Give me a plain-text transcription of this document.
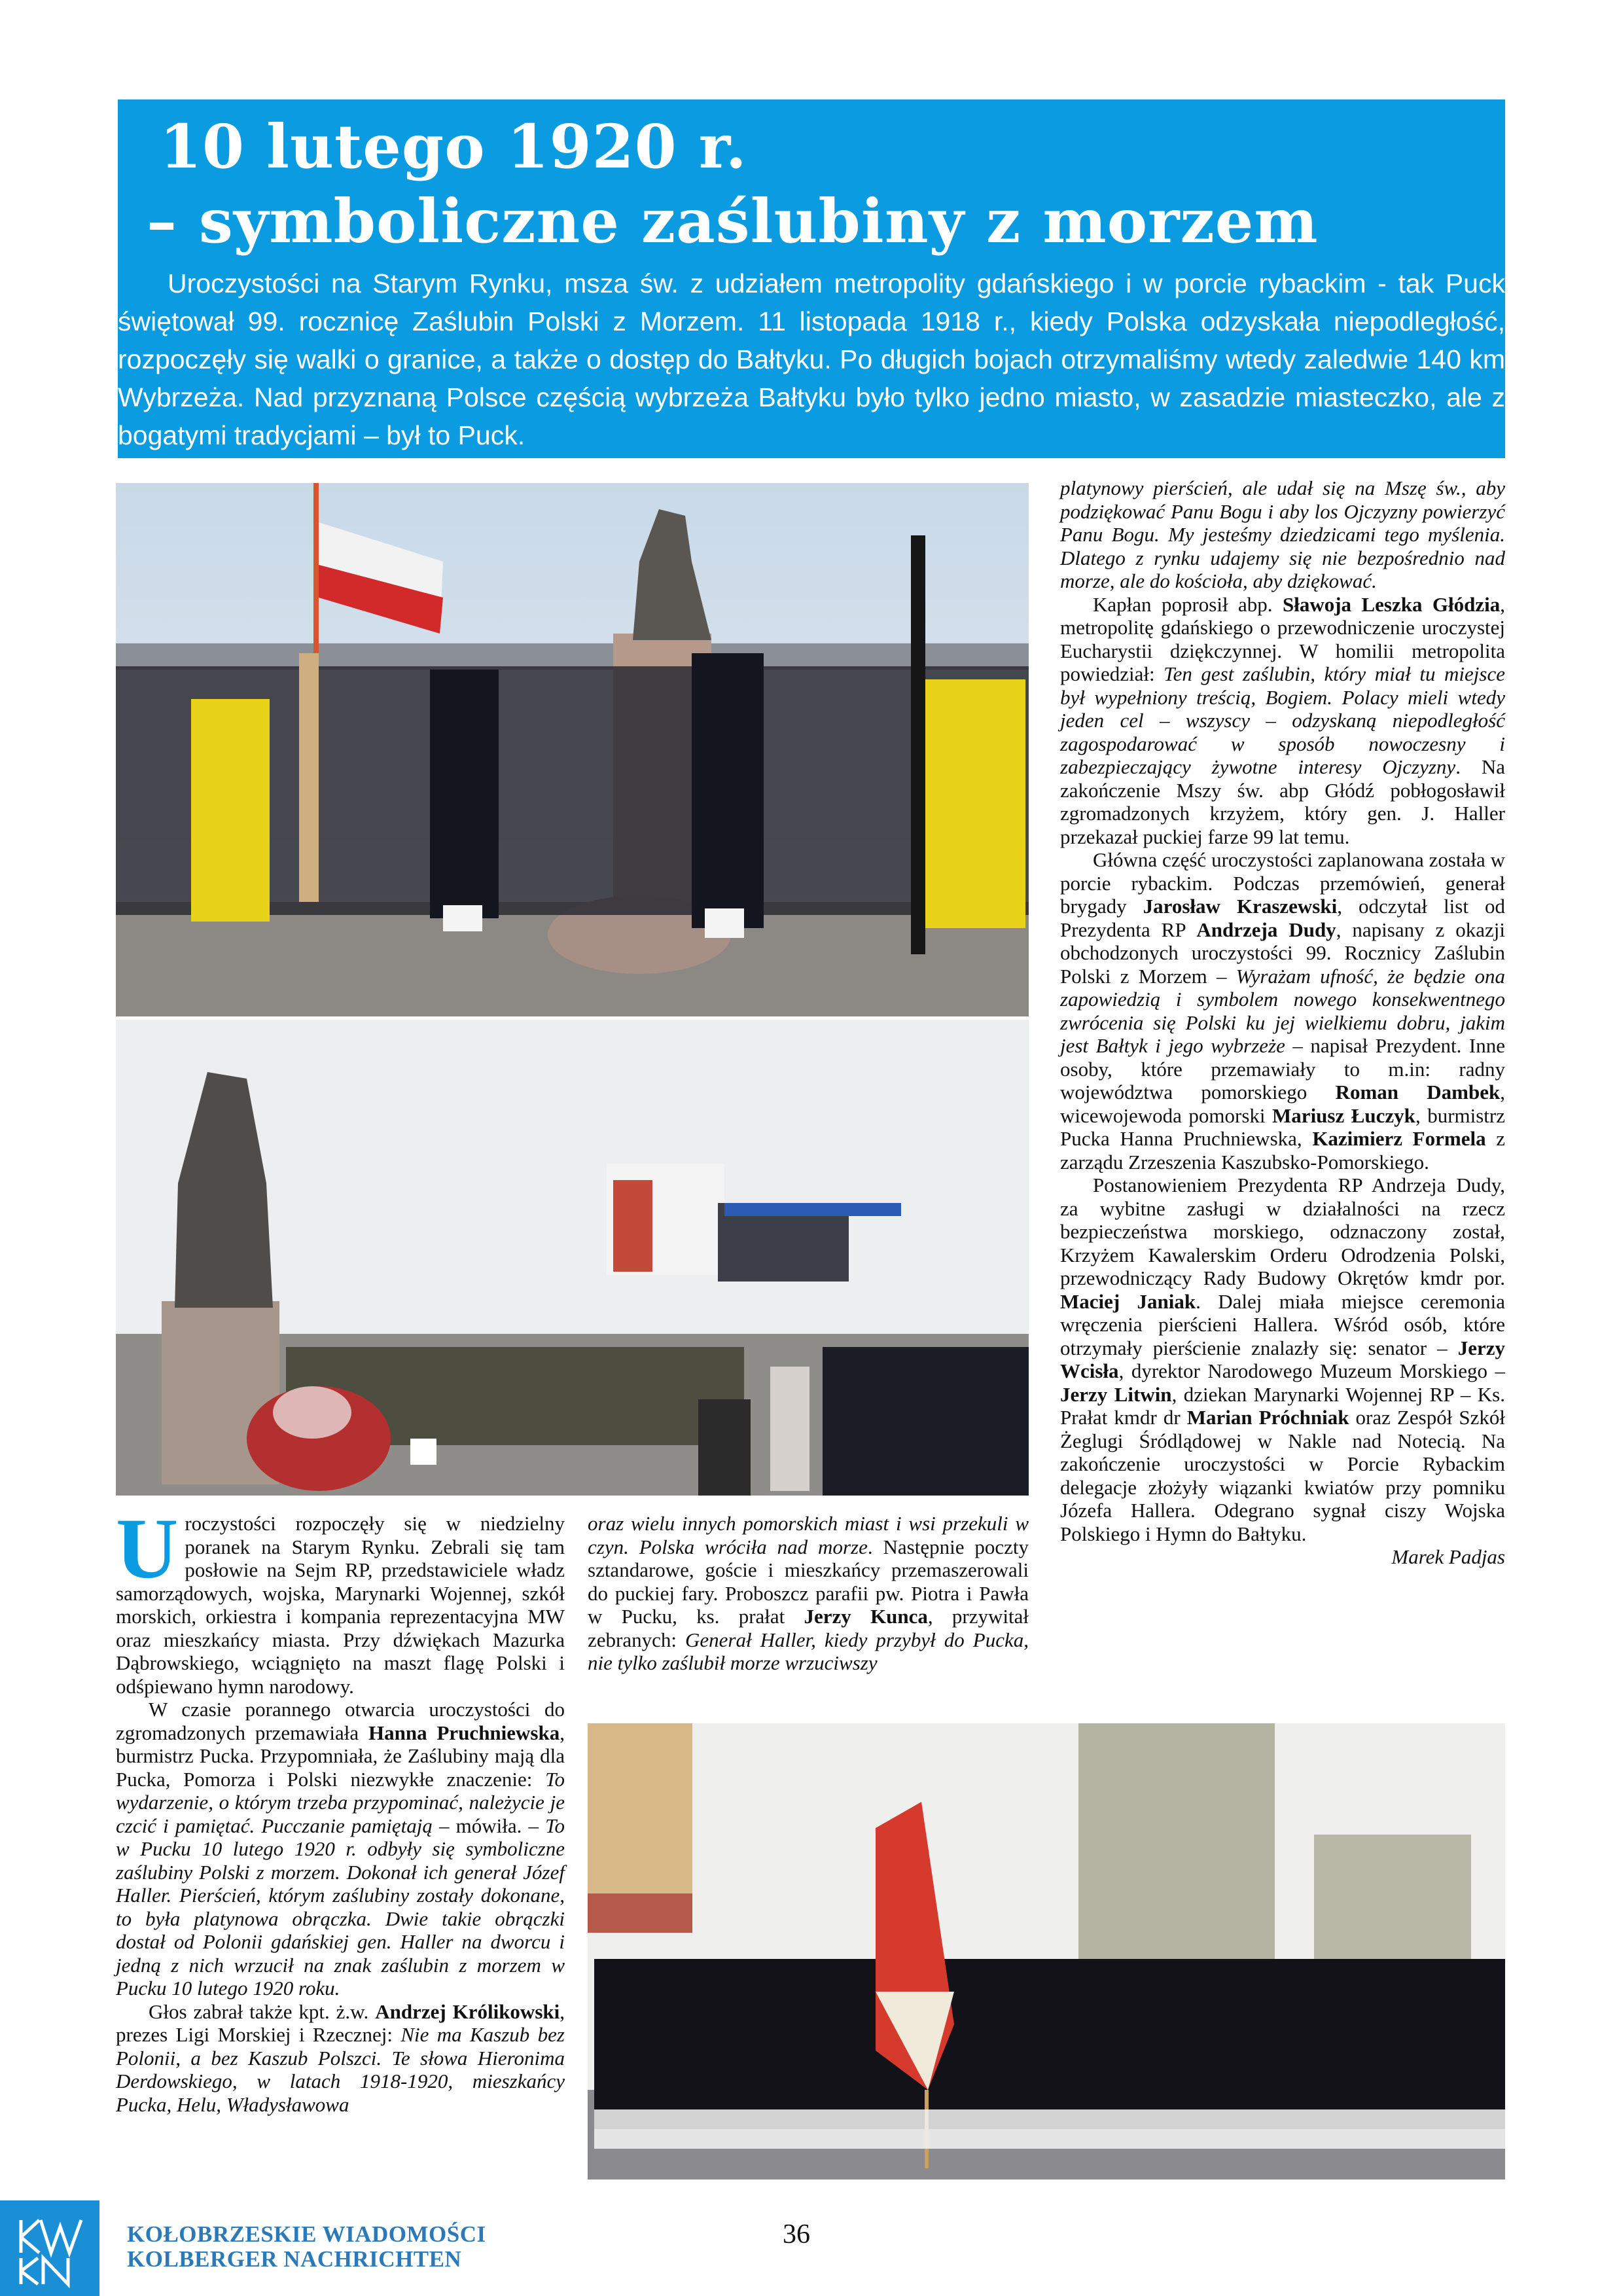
10 lutego 1920 r.
– symboliczne zaślubiny z morzem

Uroczystości na Starym Rynku, msza św. z udziałem metropolity gdańskiego i w porcie rybackim - tak Puck świętował 99. rocznicę Zaślubin Polski z Morzem. 11 listopada 1918 r., kiedy Polska odzyskała niepodległość, rozpoczęły się walki o granice, a także o dostęp do Bałtyku. Po długich bojach otrzymaliśmy wtedy zaledwie 140 km Wybrzeża. Nad przyznaną Polsce częścią wybrzeża Bałtyku było tylko jedno miasto, w zasadzie miasteczko, ale z bogatymi tradycjami – był to Puck.

Uroczystości rozpoczęły się w niedzielny poranek na Starym Rynku. Zebrali się tam posłowie na Sejm RP, przedstawiciele władz samorządowych, wojska, Marynarki Wojennej, szkół morskich, orkiestra i kompania reprezentacyjna MW oraz mieszkańcy miasta. Przy dźwiękach Mazurka Dąbrowskiego, wciągnięto na maszt flagę Polski i odśpiewano hymn narodowy.

W czasie porannego otwarcia uroczystości do zgromadzonych przemawiała Hanna Pruchniewska, burmistrz Pucka. Przypomniała, że Zaślubiny mają dla Pucka, Pomorza i Polski niezwykłe znaczenie: To wydarzenie, o którym trzeba przypominać, należycie je czcić i pamiętać. Pucczanie pamiętają – mówiła. – To w Pucku 10 lutego 1920 r. odbyły się symboliczne zaślubiny Polski z morzem. Dokonał ich generał Józef Haller. Pierścień, którym zaślubiny zostały dokonane, to była platynowa obrączka. Dwie takie obrączki dostał od Polonii gdańskiej gen. Haller na dworcu i jedną z nich wrzucił na znak zaślubin z morzem w Pucku 10 lutego 1920 roku.

Głos zabrał także kpt. ż.w. Andrzej Królikowski, prezes Ligi Morskiej i Rzecznej: Nie ma Kaszub bez Polonii, a bez Kaszub Polszci. Te słowa Hieronima Derdowskiego, w latach 1918-1920, mieszkańcy Pucka, Helu, Władysławowa

oraz wielu innych pomorskich miast i wsi przekuli w czyn. Polska wróciła nad morze. Następnie poczty sztandarowe, goście i mieszkańcy przemaszerowali do puckiej fary. Proboszcz parafii pw. Piotra i Pawła w Pucku, ks. prałat Jerzy Kunca, przywitał zebranych: Generał Haller, kiedy przybył do Pucka, nie tylko zaślubił morze wrzuciwszy

platynowy pierścień, ale udał się na Mszę św., aby podziękować Panu Bogu i aby los Ojczyzny powierzyć Panu Bogu. My jesteśmy dziedzicami tego myślenia. Dlatego z rynku udajemy się nie bezpośrednio nad morze, ale do kościoła, aby dziękować.

Kapłan poprosił abp. Sławoja Leszka Głódzia, metropolitę gdańskiego o przewodniczenie uroczystej Eucharystii dziękczynnej. W homilii metropolita powiedział: Ten gest zaślubin, który miał tu miejsce był wypełniony treścią, Bogiem. Polacy mieli wtedy jeden cel – wszyscy – odzyskaną niepodległość zagospodarować w sposób nowoczesny i zabezpieczający żywotne interesy Ojczyzny. Na zakończenie Mszy św. abp Głódź pobłogosławił zgromadzonych krzyżem, który gen. J. Haller przekazał puckiej farze 99 lat temu.

Główna część uroczystości zaplanowana została w porcie rybackim. Podczas przemówień, generał brygady Jarosław Kraszewski, odczytał list od Prezydenta RP Andrzeja Dudy, napisany z okazji obchodzonych uroczystości 99. Rocznicy Zaślubin Polski z Morzem – Wyrażam ufność, że będzie ona zapowiedzią i symbolem nowego konsekwentnego zwrócenia się Polski ku jej wielkiemu dobru, jakim jest Bałtyk i jego wybrzeże – napisał Prezydent. Inne osoby, które przemawiały to m.in: radny województwa pomorskiego Roman Dambek, wicewojewoda pomorski Mariusz Łuczyk, burmistrz Pucka Hanna Pruchniewska, Kazimierz Formela z zarządu Zrzeszenia Kaszubsko-Pomorskiego.

Postanowieniem Prezydenta RP Andrzeja Dudy, za wybitne zasługi w działalności na rzecz bezpieczeństwa morskiego, odznaczony został, Krzyżem Kawalerskim Orderu Odrodzenia Polski, przewodniczący Rady Budowy Okrętów kmdr por. Maciej Janiak. Dalej miała miejsce ceremonia wręczenia pierścieni Hallera. Wśród osób, które otrzymały pierścienie znalazły się: senator – Jerzy Wcisła, dyrektor Narodowego Muzeum Morskiego – Jerzy Litwin, dziekan Marynarki Wojennej RP – Ks. Prałat kmdr dr Marian Próchniak oraz Zespół Szkół Żeglugi Śródlądowej w Nakle nad Notecią. Na zakończenie uroczystości w Porcie Rybackim delegacje złożyły wiązanki kwiatów przy pomniku Józefa Hallera. Odegrano sygnał ciszy Wojska Polskiego i Hymn do Bałtyku.

Marek Padjas

KOŁOBRZESKIE WIADOMOŚCI
KOLBERGER NACHRICHTEN
36
